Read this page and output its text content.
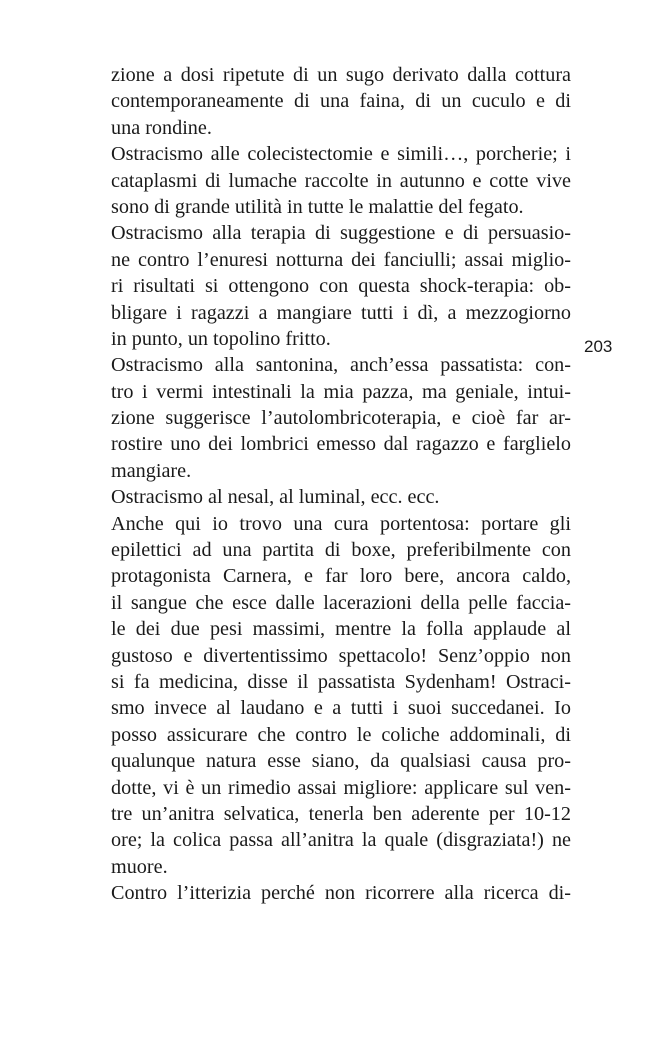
zione a dosi ripetute di un sugo derivato dalla cottura
contemporaneamente di una faina, di un cuculo e di
una rondine.
Ostracismo alle colecistectomie e simili…, porcherie; i
cataplasmi di lumache raccolte in autunno e cotte vive
sono di grande utilità in tutte le malattie del fegato.
Ostracismo alla terapia di suggestione e di persuasio-
ne contro l’enuresi notturna dei fanciulli; assai miglio-
ri risultati si ottengono con questa shock-terapia: ob-
bligare i ragazzi a mangiare tutti i dì, a mezzogiorno
in punto, un topolino fritto.
Ostracismo alla santonina, anch’essa passatista: con-
tro i vermi intestinali la mia pazza, ma geniale, intui-
zione suggerisce l’autolombricoterapia, e cioè far ar-
rostire uno dei lombrici emesso dal ragazzo e farglielo
mangiare.
Ostracismo al nesal, al luminal, ecc. ecc.
Anche qui io trovo una cura portentosa: portare gli
epilettici ad una partita di boxe, preferibilmente con
protagonista Carnera, e far loro bere, ancora caldo,
il sangue che esce dalle lacerazioni della pelle faccia-
le dei due pesi massimi, mentre la folla applaude al
gustoso e divertentissimo spettacolo! Senz’oppio non
si fa medicina, disse il passatista Sydenham! Ostraci-
smo invece al laudano e a tutti i suoi succedanei. Io
posso assicurare che contro le coliche addominali, di
qualunque natura esse siano, da qualsiasi causa pro-
dotte, vi è un rimedio assai migliore: applicare sul ven-
tre un’anitra selvatica, tenerla ben aderente per 10-12
ore; la colica passa all’anitra la quale (disgraziata!) ne
muore.
Contro l’itterizia perché non ricorrere alla ricerca di-
203
